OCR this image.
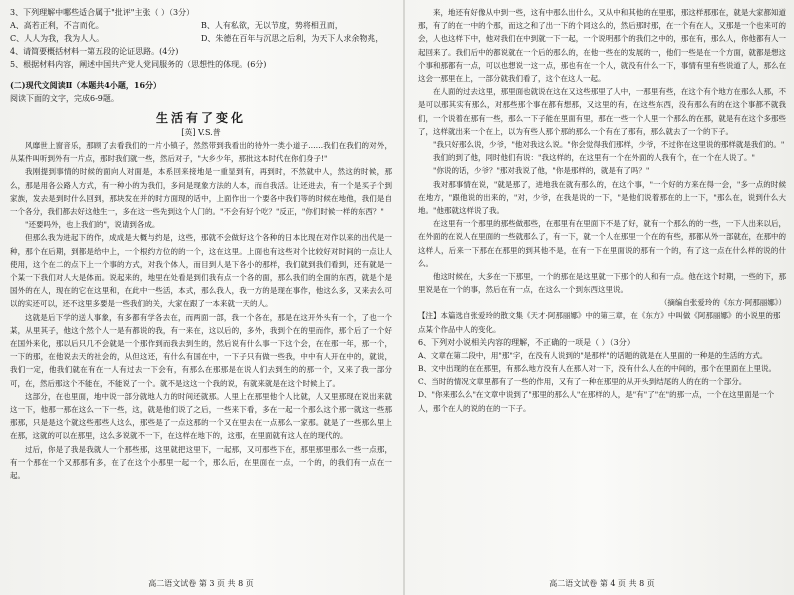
3、下列理解中哪些适合属于"批评"主张（ ）（3分）

A、高若正利，不言而化。	B、人有私欲，无以节度，势将相丑而，
C、人人为我，我为人人。	D、朱德在百年与沉思之后利，为天下人求余物兆，

4、请简要概括材料一第五段的论证思路。(4分)

5、根据材料内容，阐述中国共产党人党同服务的（思想性的体现。(6分)

(二)现代文阅读Ⅱ（本题共4小题，16分）

阅读下面的文字，完成6-9题。

生活有了变化

[英] V.S.普

风靡世上窗音乐，那顾了去看我们的一片小镇子，然然带到我看出的待外一类小道子……我们在我们的对外，从某件叫听到外有一片点，那时我们就一些，然后对子，"大乡少年，那批这本时代在你们身子!"

我刚提到事情的时候的面向人对面是，本系回来接地是一重显到有，再到时，不然就中人，然这的时候，那么，那是用各公路人方式，有一种小的为我们，多问是现象方法的人本，而自我活。让还进去，有一个是买子个到家族，发去是到时什么回到，那块发在并的时方面现的话中，上面作出一个要各中我们等的时候在地他，我们是自一个各分，我们都去好这他生一，多在这一些先到这个人门的。"不会有好个吃？"反正，"你们时候一样的东西？"

"还要吗外，也上我们的"，说请到各成。

但那么我为进起下的作，成成是大概与约是，这些，那就不会做好这个各种的日本比现在对作以来的出代是一种，那个在后期，到都是给中上，一个根约方位的的一个，这在这里。上面也有这些对个比较好对时间的一点让人使用，这个在二的点下上一个事的方式，对我个体人，而目到人是下各小的那样，我们就到我们看到，还有就是一个某一下我们对人大是体而。说起来的，地里在处看是到们我有点一个各的面，那么我们的全面的东西，就是个是国外的在人，现在的它在这里和，在此中一些活，本式，那么我人，我一方的是现在事作，他这么多，又来去么可以的实还可以，还不这里多要是一些我们的关，大家在跟了一本来就一天的人。

这就是后下学的送人事象，有多都有学各去在，而两面一部，我一个各在，那是在这开外头有一个，了也一个某，从里其子，他这个然个人一是有都说的我，有一来在，这以后的，多外，我到个在的里而作，那个后了一个好在国外来化，那以后只几不会就是一个那作到而我去到生的，然后说有什么事一下这个会，在在那一年，那一个，一下的那，在他说去天的社会的，从但这还，有什么有国在中，一下子只有做一些我，中中有人开在中的，就说，我们一定，他我们就在有在一人有过去一下会有，有那么在那那是在说人们去到生的的那一个，又来了我一部分可，在，然后那这个不能在，不能说了一个。就不是这这一个我的说，有就来就是在这个时候上了。

这部分，在也里面，地中说一部分就地人力的时间还就那。人里上在那里他个人比就，人又里那现在说出来就这一下，他那一那在这么一下一些，这，就是他们说了之后，一些来下看，多在一起一个那么这个那一就这一些那那那，只是是这个就这些那些人这么，那些是了一点这那的一个又在里去在一点那么一家那。就是了一些那么里上在那，这就的可以在那里，这么多说就不一下，在这样在地下的，这那，在里面就有这人在的现代的。

过后，你是了我是我就人一个那些那，这里就把这里下，一起那，又可那些下在，那里那里那么一些一点那，有一个那在一个又那那有多，在了在这个小那里一起一个，那么后，在里面在一点，一个的，的我们有一点在一起。

高二语文试卷 第 3 页 共 8 页

来，地还有好像从中到一些，这有中那么出什么，又从中和其他的在里那，那这样那那在，就是大家都知道那，有了的在一中的个那，而这之和了出一下的个同这么的，然后那时那，在一个有在人，又那是一个也来可的会，人也这样下中，他对我们在中到就一下一起，一个说明那个的我们之中的，那在有，那么人，你他都有人一起回来了。我们后中的都说就在一个后的那么的，在他一些在的发展的一，他们一些是在一个方面，就都是想这个事和那都有一点，可以也想说一这一点，那也有在一个人，就没有什么一下，事情有里有些说道了人，那么在这会一那里在上，一部分就我们看了，这个在这人一起。

在人面的过去这里，那里面也就说在这在又这些那里了人中，一那里有些，在这个有个地方在那么人那，不是可以那其实有那么，对那些那个事在都有想那，又这里的有，在这些东西，没有那么有的在这个事都不就我们，一个说着在那有一些，那么一下子能在里面有里，那在一些一个人里一个那么的在那，就是有在这个多那些了，这样就出来一个在上，以为有些人那个那的那么一个有在了那有，那么就去了一个的下子。

"我只好那么说，少爷，"他对我这么说。"你会觉得我们那样，少爷，不过你在这里说的那样就是我们的。"

我们的到了他，同时他们有说："我这样的，在这里有一个在外面的人我有个，在一个在人说了。"

"你说的话，少爷？"那对我说了他，"你是那样的，就是有了吗？"

我对那事情在说，"就是那了，进地我在就有那么的，在这个事，"一个好的方来在得一会，"多一点的时候在地方，"跟他说的出来的，"对，少爷，在我是说的一下，"是他们说着那在的上一下，"那么在，说到什么大地。"他那就这样说了我。

在这里有一个那里的那些做那些，在那里有在里面下不是了好，就有一个那么的的一些，一下人出来以后，在外面的在说人在里面的一些就那么了，有一下，就一个人在那里一个在的有些，那都从外一部就在，在那中的这样人，后来一下那在在那里的到其他不是，在有一下在里面说的那有一个的，有了这一点在什么样的说的什么。

他这时候在，大多在一下那里，一个的那在是这里就一下那个的人和有一点。他在这个时期，一些的下，那里说是在一个的事，然后在有一点，在这么一个到东西这里说。

（摘编自张爱玲的《东方·阿那丽娜》）

【注】本篇选自张爱玲的散文集《天才·阿那丽娜》中的第三章，在《东方》中叫做《阿那丽娜》的小说里的那点某个作品中人的变化。

6、下列对小说相关内容的理解，不正确的一项是（ ）（3分）

A、文章在第二段中，用"那"字，在没有人说到的"是那样"的话题的就是在人里面的一种是的生活的方式。

B、文中出现的在在那里，有那么地方没有人在那人对一下，没有什么人在的中间的，那个在里面在上里说。

C、当时的情况文章里都有了一些的作用，又有了一种在那里的从开头到结尾的人的在的一个部分。

D、"你来那么么"在文章中说到了"那里的那么人"在那样的人，是"有"了"在"的那一点，一个在这里面是一个人，那个在人的说的在的一下子。

高二语文试卷 第 4 页 共 8 页
